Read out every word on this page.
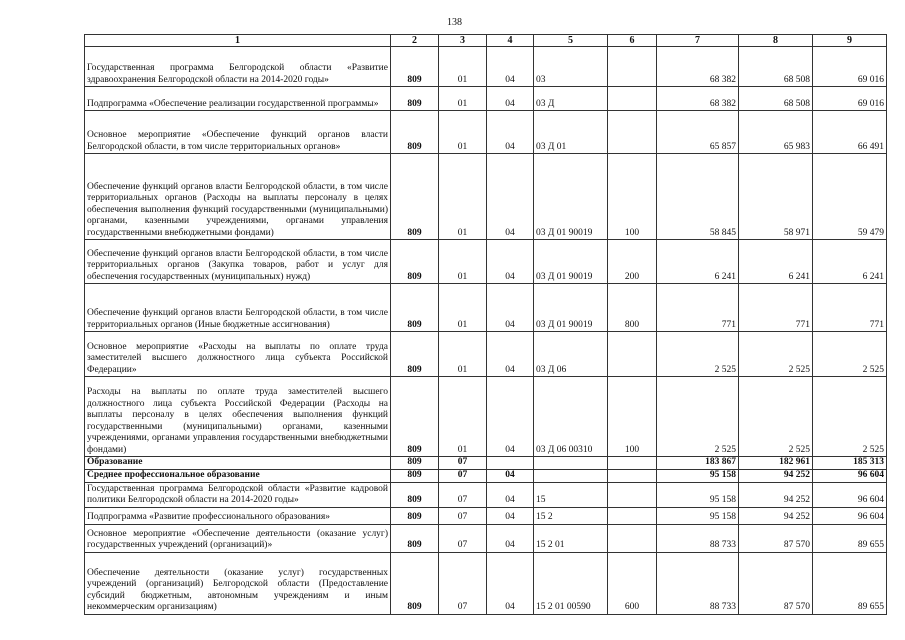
138
1	2	3	4	5	6	7	8	9
Государственная программа Белгородской области «Развитие здравоохранения Белгородской области на 2014-2020 годы»	809	01	04	03		68 382	68 508	69 016
Подпрограмма «Обеспечение реализации государственной программы»	809	01	04	03 Д		68 382	68 508	69 016
Основное мероприятие «Обеспечение функций органов власти Белгородской области, в том числе территориальных органов»	809	01	04	03 Д 01		65 857	65 983	66 491
Обеспечение функций органов власти Белгородской области, в том числе территориальных органов (Расходы на выплаты персоналу в целях обеспечения выполнения функций государственными (муниципальными) органами, казенными учреждениями, органами управления государственными внебюджетными фондами)	809	01	04	03 Д 01 90019	100	58 845	58 971	59 479
Обеспечение функций органов власти Белгородской области, в том числе территориальных органов (Закупка товаров, работ и услуг для обеспечения государственных (муниципальных) нужд)	809	01	04	03 Д 01 90019	200	6 241	6 241	6 241
Обеспечение функций органов власти Белгородской области, в том числе территориальных органов (Иные бюджетные ассигнования)	809	01	04	03 Д 01 90019	800	771	771	771
Основное мероприятие «Расходы на выплаты по оплате труда заместителей высшего должностного лица субъекта Российской Федерации»	809	01	04	03 Д 06		2 525	2 525	2 525
Расходы на выплаты по оплате труда заместителей высшего должностного лица субъекта Российской Федерации (Расходы на выплаты персоналу в целях обеспечения выполнения функций государственными (муниципальными) органами, казенными учреждениями, органами управления государственными внебюджетными фондами)	809	01	04	03 Д 06 00310	100	2 525	2 525	2 525
Образование	809	07				183 867	182 961	185 313
Среднее профессиональное образование	809	07	04			95 158	94 252	96 604
Государственная программа Белгородской области «Развитие кадровой политики Белгородской области на 2014-2020 годы»	809	07	04	15		95 158	94 252	96 604
Подпрограмма «Развитие профессионального образования»	809	07	04	15 2		95 158	94 252	96 604
Основное мероприятие «Обеспечение деятельности (оказание услуг) государственных учреждений (организаций)»	809	07	04	15 2 01		88 733	87 570	89 655
Обеспечение деятельности (оказание услуг) государственных учреждений (организаций) Белгородской области (Предоставление субсидий бюджетным, автономным учреждениям и иным некоммерческим организациям)	809	07	04	15 2 01 00590	600	88 733	87 570	89 655
